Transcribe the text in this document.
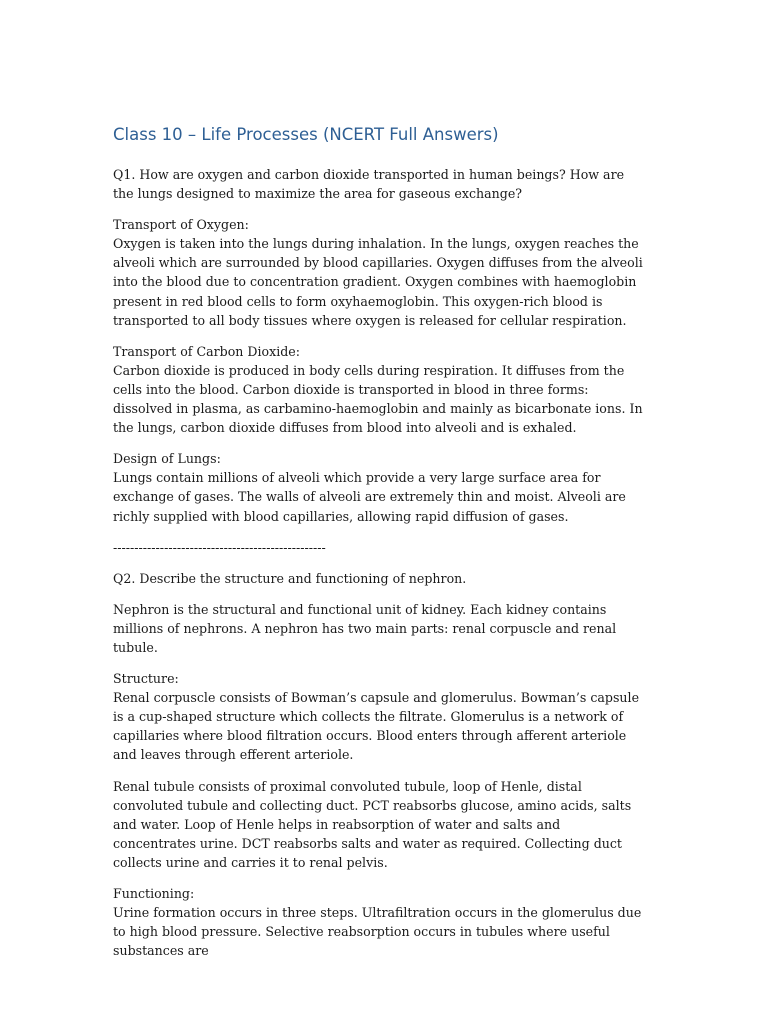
Class 10 – Life Processes (NCERT Full Answers)
Q1. How are oxygen and carbon dioxide transported in human beings? How are the lungs designed to maximize the area for gaseous exchange?
Transport of Oxygen:
Oxygen is taken into the lungs during inhalation. In the lungs, oxygen reaches the alveoli which are surrounded by blood capillaries. Oxygen diffuses from the alveoli into the blood due to concentration gradient. Oxygen combines with haemoglobin present in red blood cells to form oxyhaemoglobin. This oxygen-rich blood is transported to all body tissues where oxygen is released for cellular respiration.
Transport of Carbon Dioxide:
Carbon dioxide is produced in body cells during respiration. It diffuses from the cells into the blood. Carbon dioxide is transported in blood in three forms: dissolved in plasma, as carbamino-haemoglobin and mainly as bicarbonate ions. In the lungs, carbon dioxide diffuses from blood into alveoli and is exhaled.
Design of Lungs:
Lungs contain millions of alveoli which provide a very large surface area for exchange of gases. The walls of alveoli are extremely thin and moist. Alveoli are richly supplied with blood capillaries, allowing rapid diffusion of gases.
--------------------------------------------------
Q2. Describe the structure and functioning of nephron.
Nephron is the structural and functional unit of kidney. Each kidney contains millions of nephrons. A nephron has two main parts: renal corpuscle and renal tubule.
Structure:
Renal corpuscle consists of Bowman’s capsule and glomerulus. Bowman’s capsule is a cup-shaped structure which collects the filtrate. Glomerulus is a network of capillaries where blood filtration occurs. Blood enters through afferent arteriole and leaves through efferent arteriole.
Renal tubule consists of proximal convoluted tubule, loop of Henle, distal convoluted tubule and collecting duct. PCT reabsorbs glucose, amino acids, salts and water. Loop of Henle helps in reabsorption of water and salts and concentrates urine. DCT reabsorbs salts and water as required. Collecting duct collects urine and carries it to renal pelvis.
Functioning:
Urine formation occurs in three steps. Ultrafiltration occurs in the glomerulus due to high blood pressure. Selective reabsorption occurs in tubules where useful substances are
